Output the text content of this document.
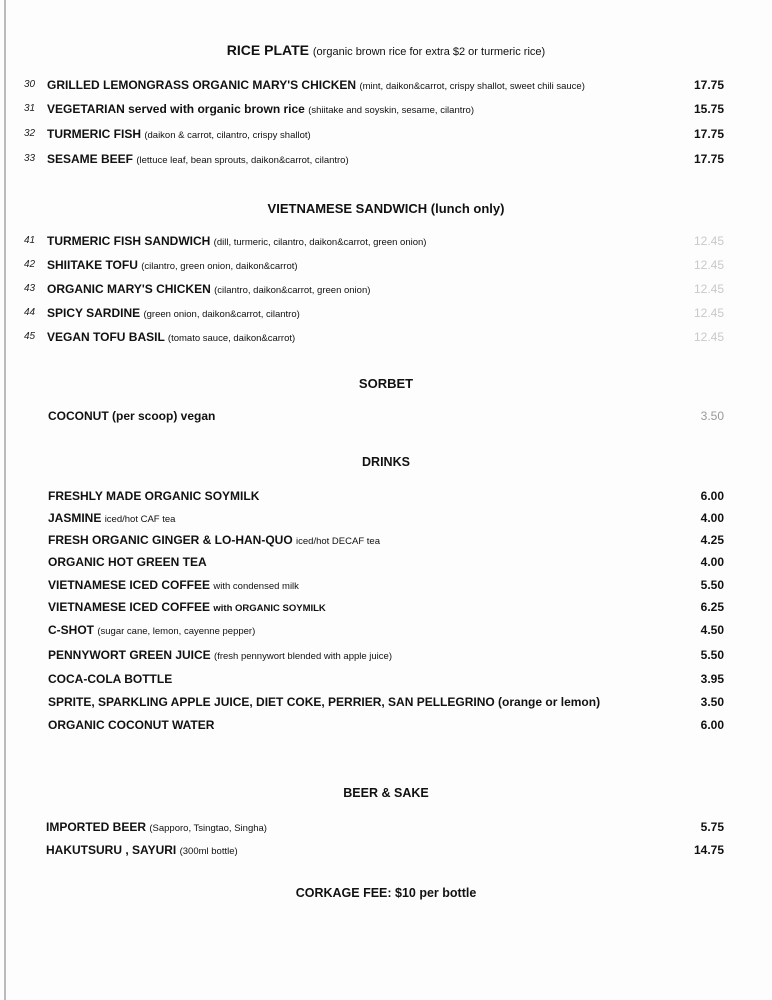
RICE PLATE (organic brown rice for extra $2 or turmeric rice)
30 GRILLED LEMONGRASS ORGANIC MARY'S CHICKEN (mint, daikon&carrot, crispy shallot, sweet chili sauce)	17.75
31 VEGETARIAN served with organic brown rice (shiitake and soyskin, sesame, cilantro)	15.75
32 TURMERIC FISH (daikon & carrot, cilantro, crispy shallot)	17.75
33 SESAME BEEF (lettuce leaf, bean sprouts, daikon&carrot, cilantro)	17.75
VIETNAMESE SANDWICH (lunch only)
41 TURMERIC FISH SANDWICH (dill, turmeric, cilantro, daikon&carrot, green onion)	12.45
42 SHIITAKE TOFU (cilantro, green onion, daikon&carrot)	12.45
43 ORGANIC MARY'S CHICKEN (cilantro, daikon&carrot, green onion)	12.45
44 SPICY SARDINE (green onion, daikon&carrot, cilantro)	12.45
45 VEGAN TOFU BASIL (tomato sauce, daikon&carrot)	12.45
SORBET
COCONUT (per scoop) vegan	3.50
DRINKS
FRESHLY MADE ORGANIC SOYMILK	6.00
JASMINE iced/hot CAF tea	4.00
FRESH ORGANIC GINGER & LO-HAN-QUO iced/hot DECAF tea	4.25
ORGANIC HOT GREEN TEA	4.00
VIETNAMESE ICED COFFEE with condensed milk	5.50
VIETNAMESE ICED COFFEE with ORGANIC SOYMILK	6.25
C-SHOT (sugar cane, lemon, cayenne pepper)	4.50
PENNYWORT GREEN JUICE (fresh pennywort blended with apple juice)	5.50
COCA-COLA BOTTLE	3.95
SPRITE, SPARKLING APPLE JUICE, DIET COKE, PERRIER, SAN PELLEGRINO (orange or lemon)	3.50
ORGANIC COCONUT WATER	6.00
BEER & SAKE
IMPORTED BEER (Sapporo, Tsingtao, Singha)	5.75
HAKUTSURU , SAYURI (300ml bottle)	14.75
CORKAGE FEE: $10 per bottle
